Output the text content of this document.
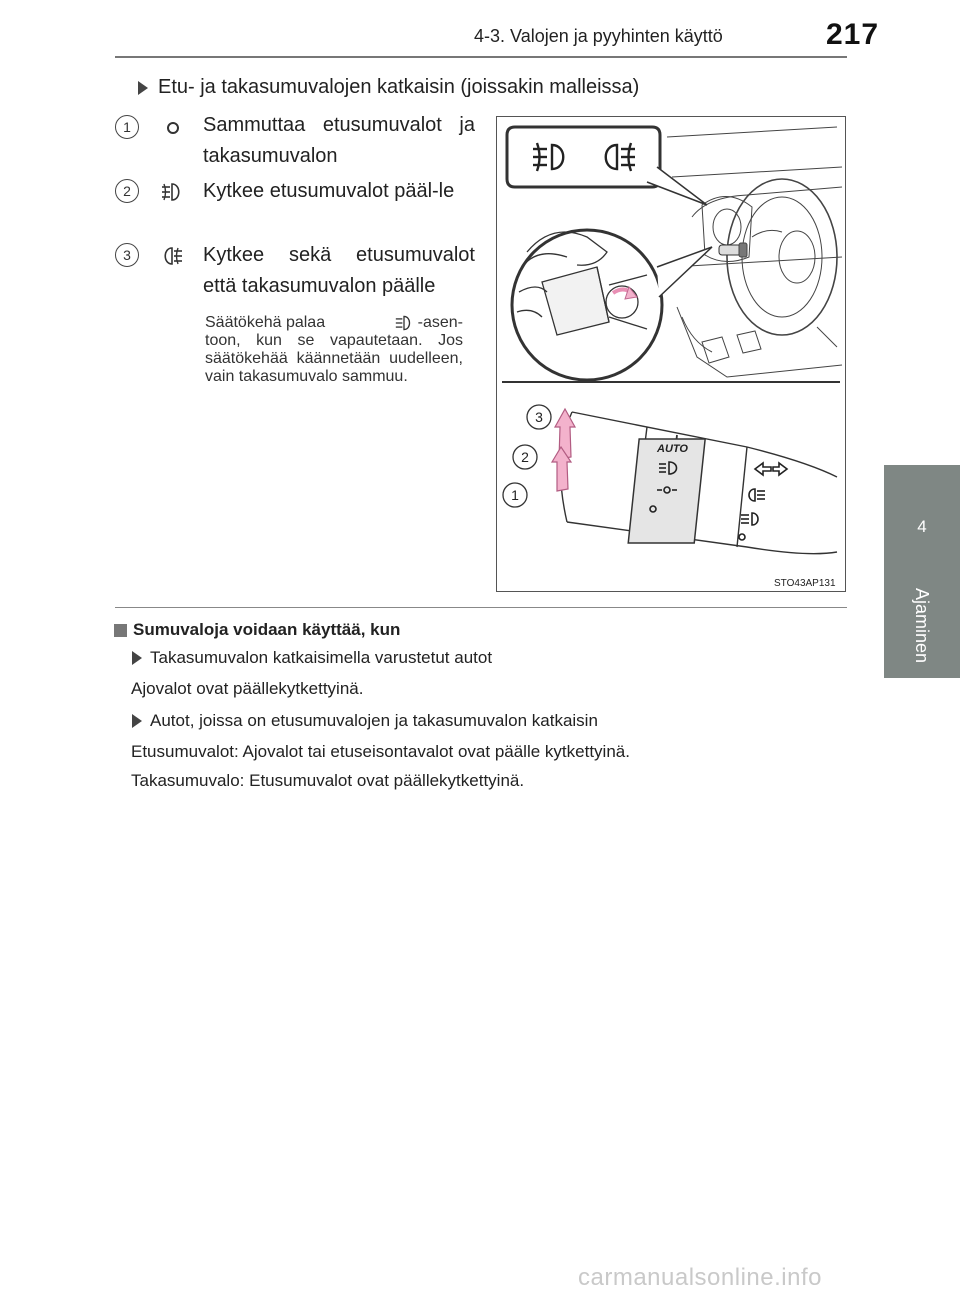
4-3. Valojen ja pyyhinten käyttö	217
4
Ajaminen
Etu- ja takasumuvalojen katkaisin (joissakin malleissa)
1	Sammuttaa etusumuvalot ja takasumuvalon
2	Kytkee etusumuvalot pääl-le
3	Kytkee sekä etusumuvalot että takasumuvalon päälle
Säätökehä palaa	-asen-
toon, kun se vapautetaan. Jos säätökehää käännetään uudelleen, vain takasumuvalo sammuu.
AUTO
3
2
1
STO43AP131
Sumuvaloja voidaan käyttää, kun
Takasumuvalon katkaisimella varustetut autot
Ajovalot ovat päällekytkettyinä.
Autot, joissa on etusumuvalojen ja takasumuvalon katkaisin
Etusumuvalot: Ajovalot tai etuseisontavalot ovat päälle kytkettyinä.
Takasumuvalo: Etusumuvalot ovat päällekytkettyinä.
carmanualsonline.info
